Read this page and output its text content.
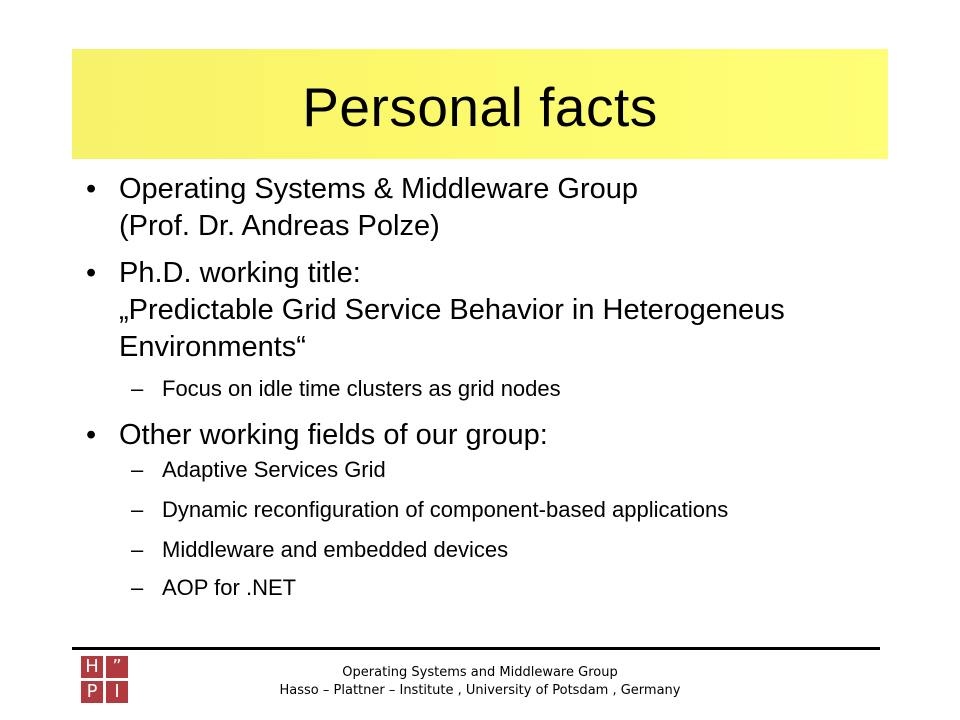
Personal facts
• Operating Systems & Middleware Group
(Prof. Dr. Andreas Polze)
• Ph.D. working title:
„Predictable Grid Service Behavior in Heterogeneus
Environments“
– Focus on idle time clusters as grid nodes
• Other working fields of our group:
– Adaptive Services Grid
– Dynamic reconfiguration of component-based applications
– Middleware and embedded devices
– AOP for .NET
H ”
P I
Operating Systems and Middleware Group
Hasso – Plattner – Institute , University of Potsdam , Germany
